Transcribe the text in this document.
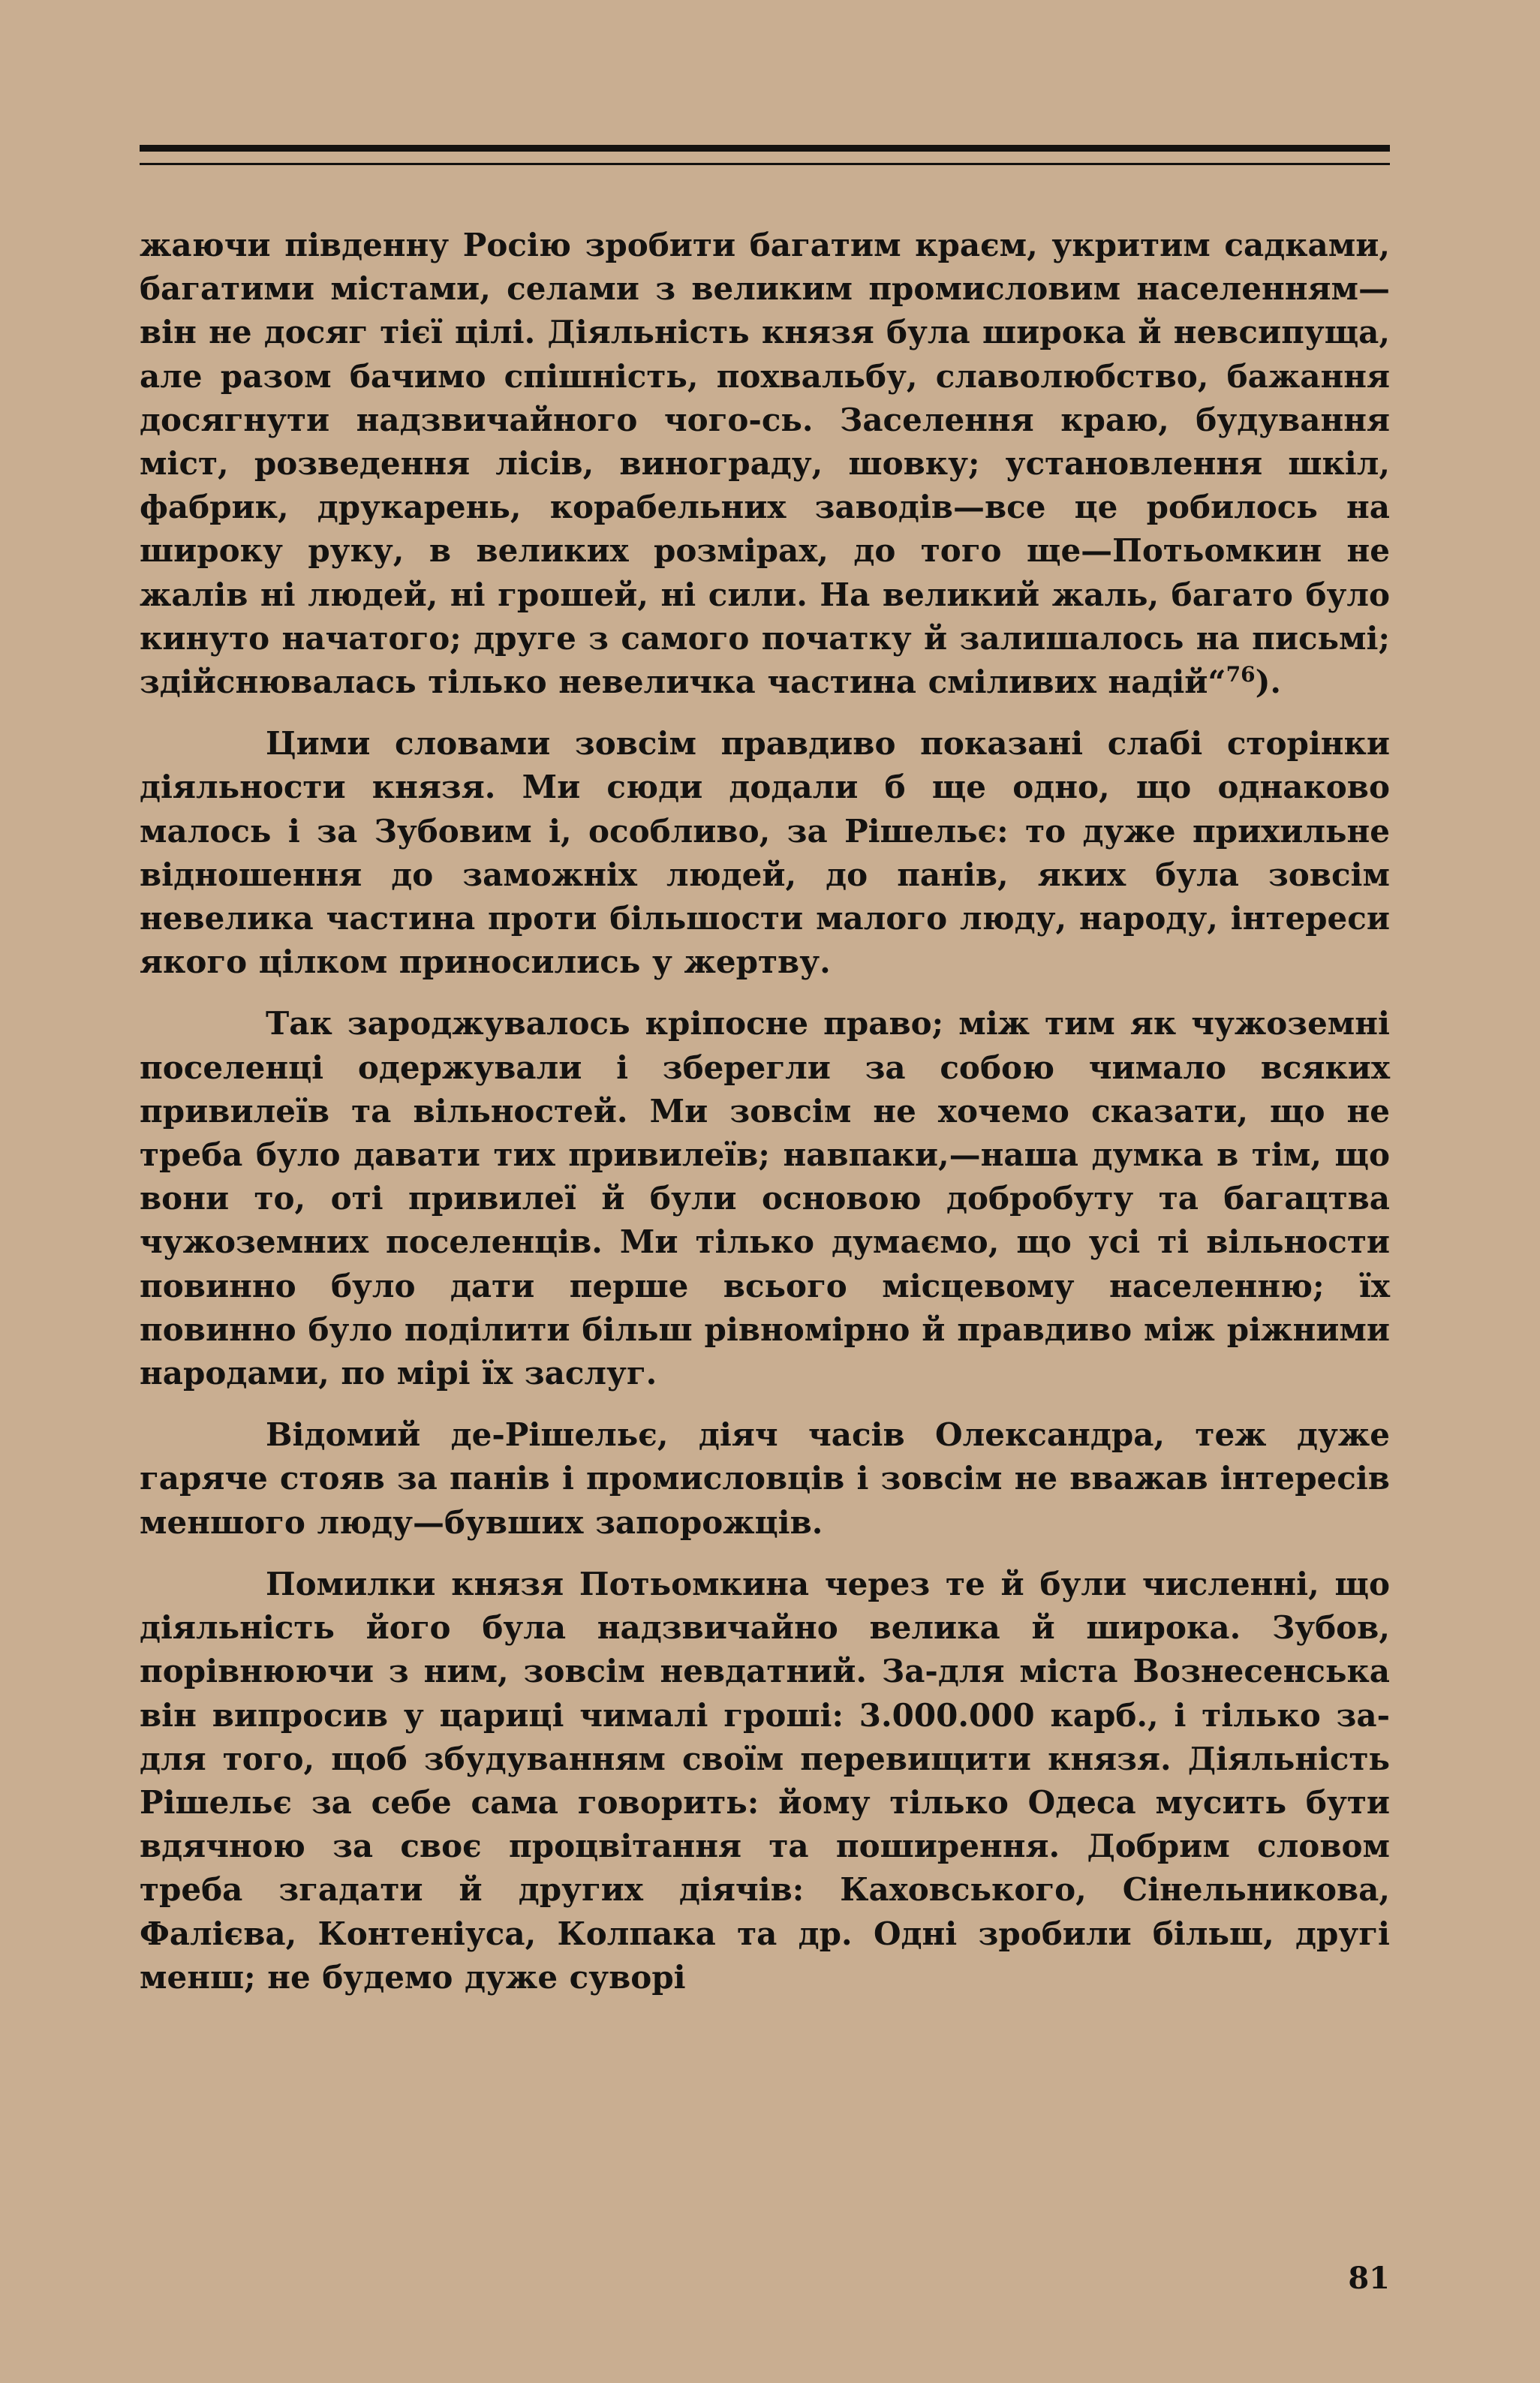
жаючи південну Росію зробити багатим краєм, укритим садками, багатими містами, селами з великим промисловим населенням—він не досяг тієї цілі. Діяльність князя була широка й невсипуща, але разом бачимо спішність, похвальбу, славолюбство, бажання досягнути надзвичайного чого-сь. Заселення краю, будування міст, розведення лісів, винограду, шовку; установлення шкіл, фабрик, друкарень, корабельних заводів—все це робилось на широку руку, в великих розмірах, до того ще—Потьомкин не жалів ні людей, ні грошей, ні сили. На великий жаль, багато було кинуто начатого; друге з самого початку й залишалось на письмі; здійснювалась тілько невеличка частина сміливих надій“$^{76}$).

Цими словами зовсім правдиво показані слабі сторінки діяльности князя. Ми сюди додали б ще одно, що однаково малось і за Зубовим і, особливо, за Рішельє: то дуже прихильне відношення до заможніх людей, до панів, яких була зовсім невелика частина проти більшости малого люду, народу, інтереси якого цілком приносились у жертву.

Так зароджувалось кріпосне право; між тим як чужоземні поселенці одержували і зберегли за собою чимало всяких привилеїв та вільностей. Ми зовсім не хочемо сказати, що не треба було давати тих привилеїв; навпаки,—наша думка в тім, що вони то, оті привилеї й були основою добробуту та багацтва чужоземних поселенців. Ми тілько думаємо, що усі ті вільности повинно було дати перше всього місцевому населенню; їх повинно було поділити більш рівномірно й правдиво між ріжними народами, по мірі їх заслуг.

Відомий де-Рішельє, діяч часів Олександра, теж дуже гаряче стояв за панів і промисловців і зовсім не вважав інтересів меншого люду—бувших запорожців.

Помилки князя Потьомкина через те й були численні, що діяльність його була надзвичайно велика й широка. Зубов, порівнюючи з ним, зовсім невдатний. За-для міста Вознесенська він випросив у цариці чималі гроші: 3.000.000 карб., і тілько за-для того, щоб збудуванням своїм перевищити князя. Діяльність Рішельє за себе сама говорить: йому тілько Одеса мусить бути вдячною за своє процвітання та поширення. Добрим словом треба згадати й других діячів: Каховського, Сінельникова, Фалієва, Контеніуса, Колпака та др. Одні зробили більш, другі менш; не будемо дуже суворі

81
